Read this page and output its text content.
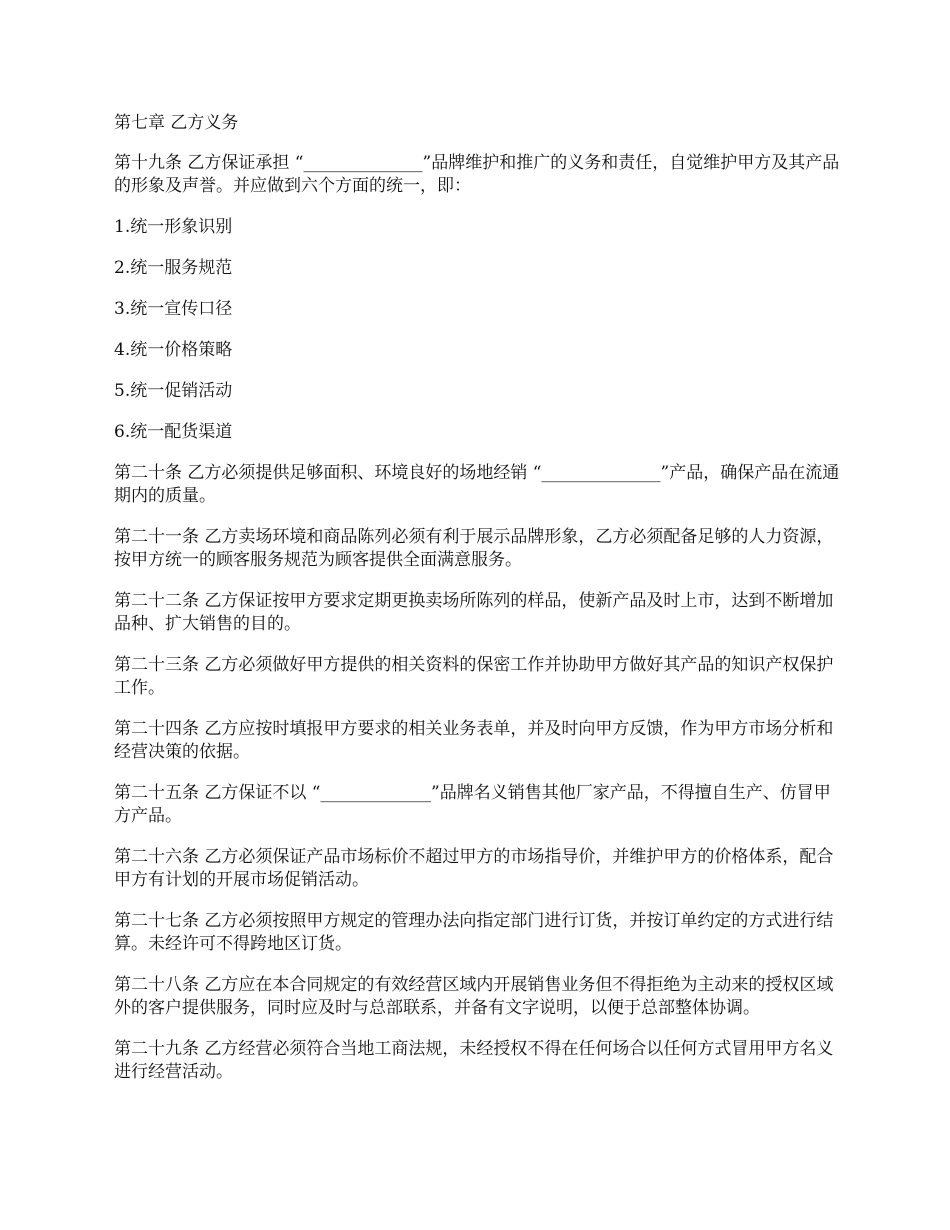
第七章 乙方义务

第十九条 乙方保证承担 “______________”品牌维护和推广的义务和责任，自觉维护甲方及其产品的形象及声誉。并应做到六个方面的统一，即：

1.统一形象识别

2.统一服务规范

3.统一宣传口径

4.统一价格策略

5.统一促销活动

6.统一配货渠道

第二十条 乙方必须提供足够面积、环境良好的场地经销 “______________”产品，确保产品在流通期内的质量。

第二十一条 乙方卖场环境和商品陈列必须有利于展示品牌形象，乙方必须配备足够的人力资源，按甲方统一的顾客服务规范为顾客提供全面满意服务。

第二十二条 乙方保证按甲方要求定期更换卖场所陈列的样品，使新产品及时上市，达到不断增加品种、扩大销售的目的。

第二十三条 乙方必须做好甲方提供的相关资料的保密工作并协助甲方做好其产品的知识产权保护工作。

第二十四条 乙方应按时填报甲方要求的相关业务表单，并及时向甲方反馈，作为甲方市场分析和经营决策的依据。

第二十五条 乙方保证不以 “_____________”品牌名义销售其他厂家产品，不得擅自生产、仿冒甲方产品。

第二十六条 乙方必须保证产品市场标价不超过甲方的市场指导价，并维护甲方的价格体系，配合甲方有计划的开展市场促销活动。

第二十七条 乙方必须按照甲方规定的管理办法向指定部门进行订货，并按订单约定的方式进行结算。未经许可不得跨地区订货。

第二十八条 乙方应在本合同规定的有效经营区域内开展销售业务但不得拒绝为主动来的授权区域外的客户提供服务，同时应及时与总部联系，并备有文字说明，以便于总部整体协调。

第二十九条 乙方经营必须符合当地工商法规，未经授权不得在任何场合以任何方式冒用甲方名义进行经营活动。
